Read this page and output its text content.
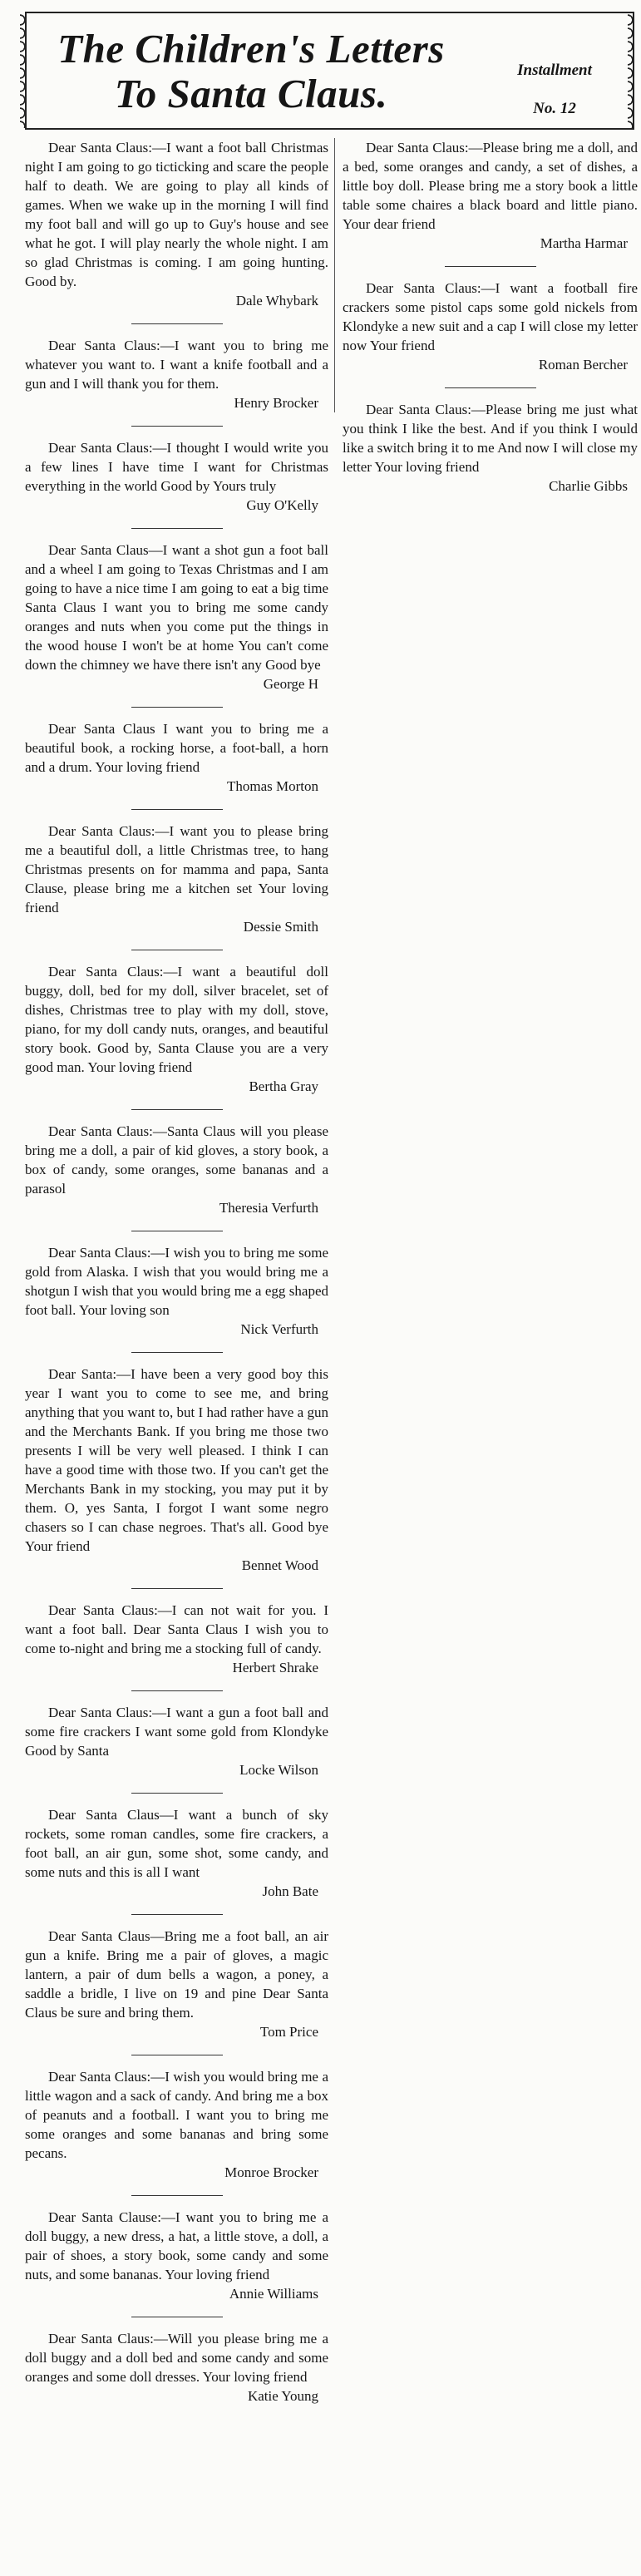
The Children's Letters
To Santa Claus.
Installment
No. 12

Dear Santa Claus:—I want a foot ball Christmas night I am going to go ticticking and scare the people half to death. We are going to play all kinds of games. When we wake up in the morning I will find my foot ball and will go up to Guy's house and see what he got. I will play nearly the whole night. I am so glad Christmas is coming. I am going hunting. Good by.

Dale Whybark

Dear Santa Claus:—I want you to bring me whatever you want to. I want a knife football and a gun and I will thank you for them.

Henry Brocker

Dear Santa Claus:—I thought I would write you a few lines I have time I want for Christmas everything in the world Good by Yours truly

Guy O'Kelly

Dear Santa Claus—I want a shot gun a foot ball and a wheel I am going to Texas Christmas and I am going to have a nice time I am going to eat a big time Santa Claus I want you to bring me some candy oranges and nuts when you come put the things in the wood house I won't be at home You can't come down the chimney we have there isn't any Good bye

George H

Dear Santa Claus I want you to bring me a beautiful book, a rocking horse, a foot-ball, a horn and a drum. Your loving friend

Thomas Morton

Dear Santa Claus:—I want you to please bring me a beautiful doll, a little Christmas tree, to hang Christmas presents on for mamma and papa, Santa Clause, please bring me a kitchen set Your loving friend

Dessie Smith

Dear Santa Claus:—I want a beautiful doll buggy, doll, bed for my doll, silver bracelet, set of dishes, Christmas tree to play with my doll, stove, piano, for my doll candy nuts, oranges, and beautiful story book. Good by, Santa Clause you are a very good man. Your loving friend

Bertha Gray

Dear Santa Claus:—Santa Claus will you please bring me a doll, a pair of kid gloves, a story book, a box of candy, some oranges, some bananas and a parasol

Theresia Verfurth

Dear Santa Claus:—I wish you to bring me some gold from Alaska. I wish that you would bring me a shotgun I wish that you would bring me a egg shaped foot ball. Your loving son

Nick Verfurth

Dear Santa:—I have been a very good boy this year I want you to come to see me, and bring anything that you want to, but I had rather have a gun and the Merchants Bank. If you bring me those two presents I will be very well pleased. I think I can have a good time with those two. If you can't get the Merchants Bank in my stocking, you may put it by them. O, yes Santa, I forgot I want some negro chasers so I can chase negroes. That's all. Good bye Your friend

Bennet Wood

Dear Santa Claus:—I can not wait for you. I want a foot ball. Dear Santa Claus I wish you to come to-night and bring me a stocking full of candy.

Herbert Shrake

Dear Santa Claus:—I want a gun a foot ball and some fire crackers I want some gold from Klondyke Good by Santa

Locke Wilson

Dear Santa Claus—I want a bunch of sky rockets, some roman candles, some fire crackers, a foot ball, an air gun, some shot, some candy, and some nuts and this is all I want

John Bate

Dear Santa Claus—Bring me a foot ball, an air gun a knife. Bring me a pair of gloves, a magic lantern, a pair of dum bells a wagon, a poney, a saddle a bridle, I live on 19 and pine Dear Santa Claus be sure and bring them.

Tom Price

Dear Santa Claus:—I wish you would bring me a little wagon and a sack of candy. And bring me a box of peanuts and a football. I want you to bring me some oranges and some bananas and bring some pecans.

Monroe Brocker

Dear Santa Clause:—I want you to bring me a doll buggy, a new dress, a hat, a little stove, a doll, a pair of shoes, a story book, some candy and some nuts, and some bananas. Your loving friend

Annie Williams

Dear Santa Claus:—Will you please bring me a doll buggy and a doll bed and some candy and some oranges and some doll dresses. Your loving friend

Katie Young

Dear Santa Claus:—Please bring me a doll, and a bed, some oranges and candy, a set of dishes, a little boy doll. Please bring me a story book a little table some chaires a black board and little piano. Your dear friend

Martha Harmar

Dear Santa Claus:—I want a football fire crackers some pistol caps some gold nickels from Klondyke a new suit and a cap I will close my letter now Your friend

Roman Bercher

Dear Santa Claus:—Please bring me just what you think I like the best. And if you think I would like a switch bring it to me And now I will close my letter Your loving friend

Charlie Gibbs
